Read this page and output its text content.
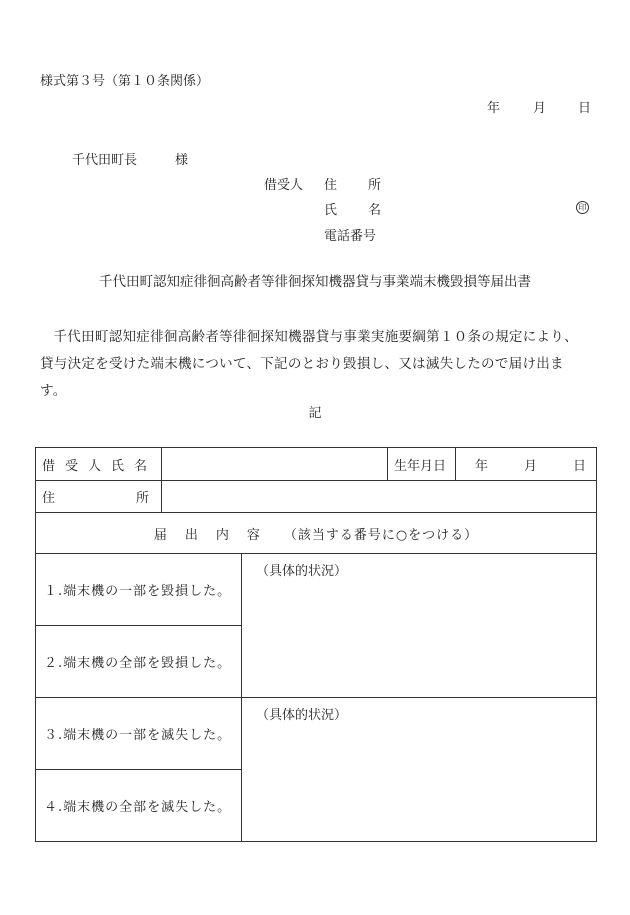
様式第３号（第１０条関係）
年	月 日
千代田町長	様
借受人 住 所
氏 名	印
電話番号
千代田町認知症徘徊高齢者等徘徊探知機器貸与事業端末機毀損等届出書
千代田町認知症徘徊高齢者等徘徊探知機器貸与事業実施要綱第１０条の規定により、貸与決定を受けた端末機について、下記のとおり毀損し、又は滅失したので届け出ます。
記
借受人氏名			生年月日	年 月 日

住 所				

届出内容 （該当する番号に○をつける）				
１.端末機の一部を毀損した。		（具体的状況）		
２.端末機の全部を毀損した。				
３.端末機の一部を滅失した。		（具体的状況）		
４.端末機の全部を滅失した。				
